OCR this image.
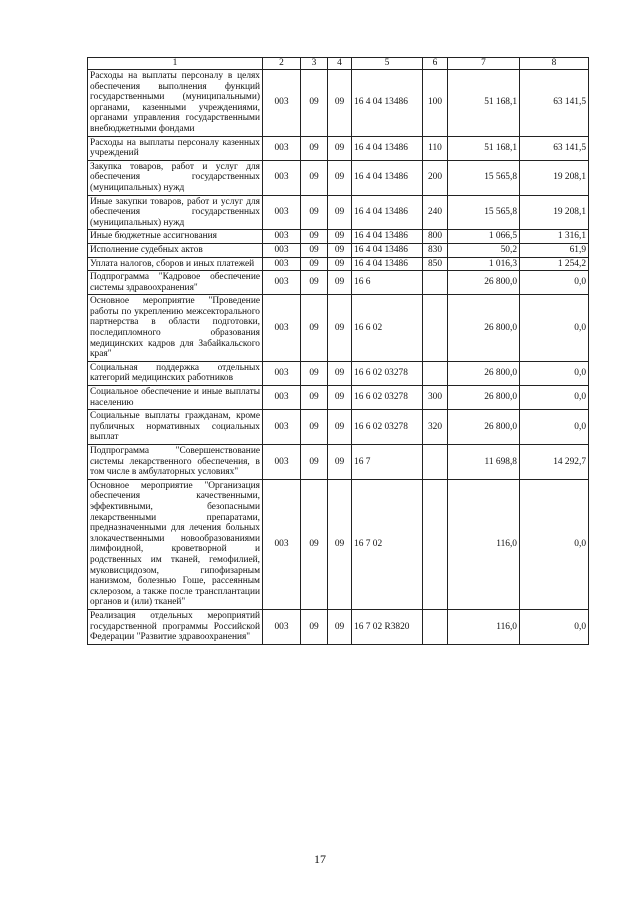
1	2	3	4	5	6	7	8
Расходы на выплаты персоналу в целях обеспечения выполнения функций государственными (муниципальными) органами, казенными учреждениями, органами управления государственными внебюджетными фондами	003	09	09	16 4 04 13486	100	51 168,1	63 141,5
Расходы на выплаты персоналу казенных учреждений	003	09	09	16 4 04 13486	110	51 168,1	63 141,5
Закупка товаров, работ и услуг для обеспечения государственных (муниципальных) нужд	003	09	09	16 4 04 13486	200	15 565,8	19 208,1
Иные закупки товаров, работ и услуг для обеспечения государственных (муниципальных) нужд	003	09	09	16 4 04 13486	240	15 565,8	19 208,1
Иные бюджетные ассигнования	003	09	09	16 4 04 13486	800	1 066,5	1 316,1
Исполнение судебных актов	003	09	09	16 4 04 13486	830	50,2	61,9
Уплата налогов, сборов и иных платежей	003	09	09	16 4 04 13486	850	1 016,3	1 254,2
Подпрограмма "Кадровое обеспечение системы здравоохранения"	003	09	09	16 6		26 800,0	0,0
Основное мероприятие "Проведение работы по укреплению межсекторального партнерства в области подготовки, последипломного образования медицинских кадров для Забайкальского края"	003	09	09	16 6 02		26 800,0	0,0
Социальная поддержка отдельных категорий медицинских работников	003	09	09	16 6 02 03278		26 800,0	0,0
Социальное обеспечение и иные выплаты населению	003	09	09	16 6 02 03278	300	26 800,0	0,0
Социальные выплаты гражданам, кроме публичных нормативных социальных выплат	003	09	09	16 6 02 03278	320	26 800,0	0,0
Подпрограмма "Совершенствование системы лекарственного обеспечения, в том числе в амбулаторных условиях"	003	09	09	16 7		11 698,8	14 292,7
Основное мероприятие "Организация обеспечения качественными, эффективными, безопасными лекарственными препаратами, предназначенными для лечения больных злокачественными новообразованиями лимфоидной, кроветворной и родственных им тканей, гемофилией, муковисцидозом, гипофизарным нанизмом, болезнью Гоше, рассеянным склерозом, а также после трансплантации органов и (или) тканей"	003	09	09	16 7 02		116,0	0,0
Реализация отдельных мероприятий государственной программы Российской Федерации "Развитие здравоохранения"	003	09	09	16 7 02 R3820		116,0	0,0
17
